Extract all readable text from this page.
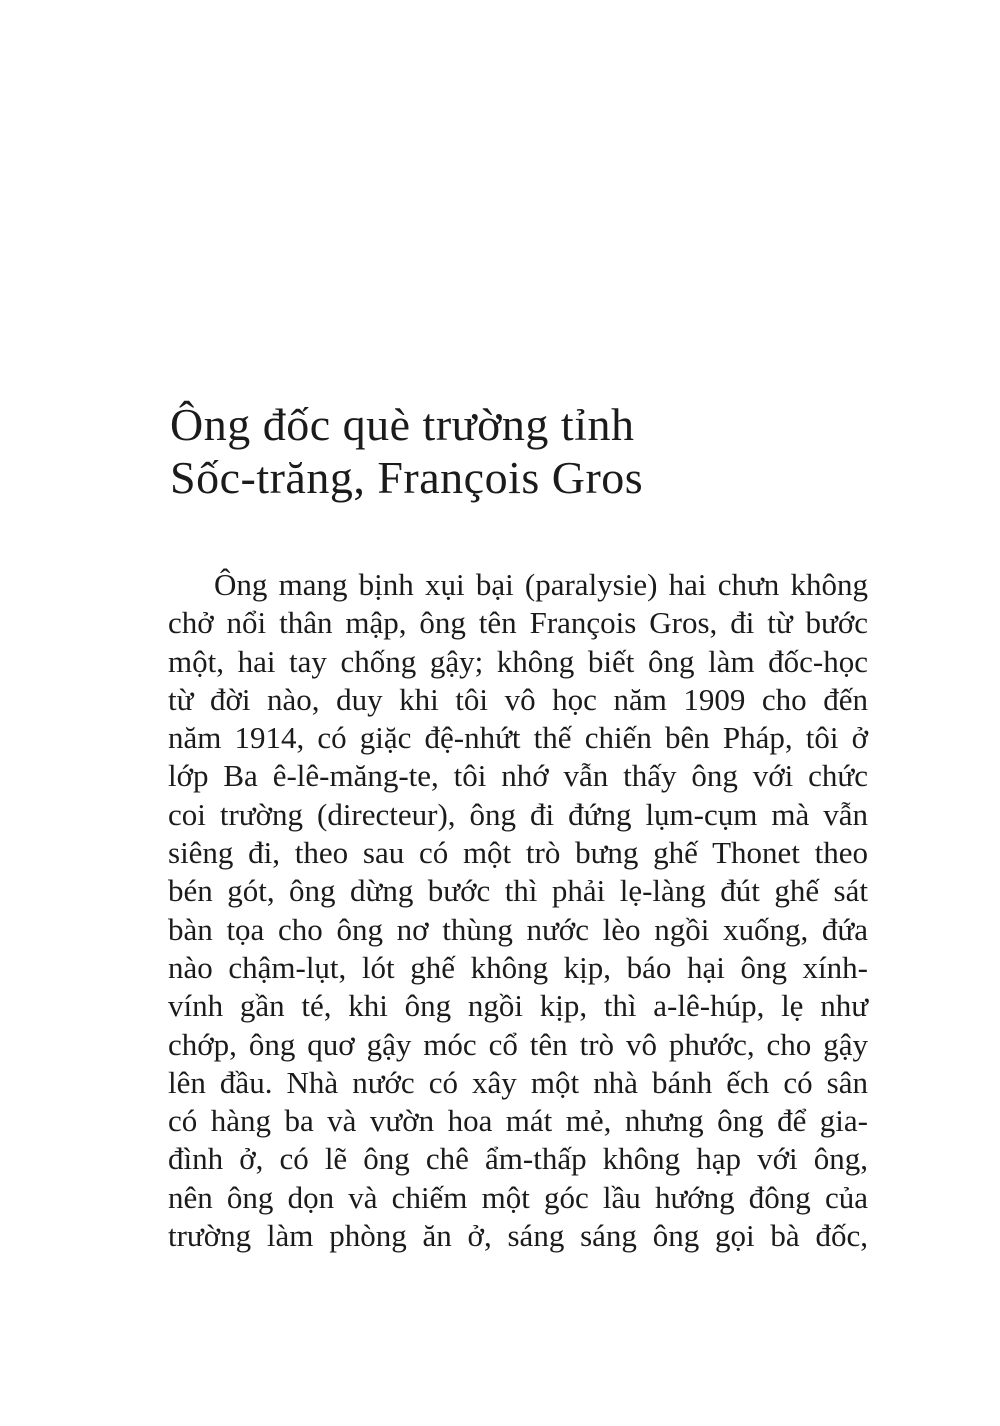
Ông đốc què trường tỉnh
Sốc-trăng, François Gros
Ông mang bịnh xụi bại (paralysie) hai chưn không
chở nổi thân mập, ông tên François Gros, đi từ bước
một, hai tay chống gậy; không biết ông làm đốc-học
từ đời nào, duy khi tôi vô học năm 1909 cho đến
năm 1914, có giặc đệ-nhứt thế chiến bên Pháp, tôi ở
lớp Ba ê-lê-măng-te, tôi nhớ vẫn thấy ông với chức
coi trường (directeur), ông đi đứng lụm-cụm mà vẫn
siêng đi, theo sau có một trò bưng ghế Thonet theo
bén gót, ông dừng bước thì phải lẹ-làng đút ghế sát
bàn tọa cho ông nơ thùng nước lèo ngồi xuống, đứa
nào chậm-lụt, lót ghế không kịp, báo hại ông xính-
vính gần té, khi ông ngồi kịp, thì a-lê-húp, lẹ như
chớp, ông quơ gậy móc cổ tên trò vô phước, cho gậy
lên đầu. Nhà nước có xây một nhà bánh ếch có sân
có hàng ba và vườn hoa mát mẻ, nhưng ông để gia-
đình ở, có lẽ ông chê ẩm-thấp không hạp với ông,
nên ông dọn và chiếm một góc lầu hướng đông của
trường làm phòng ăn ở, sáng sáng ông gọi bà đốc,
